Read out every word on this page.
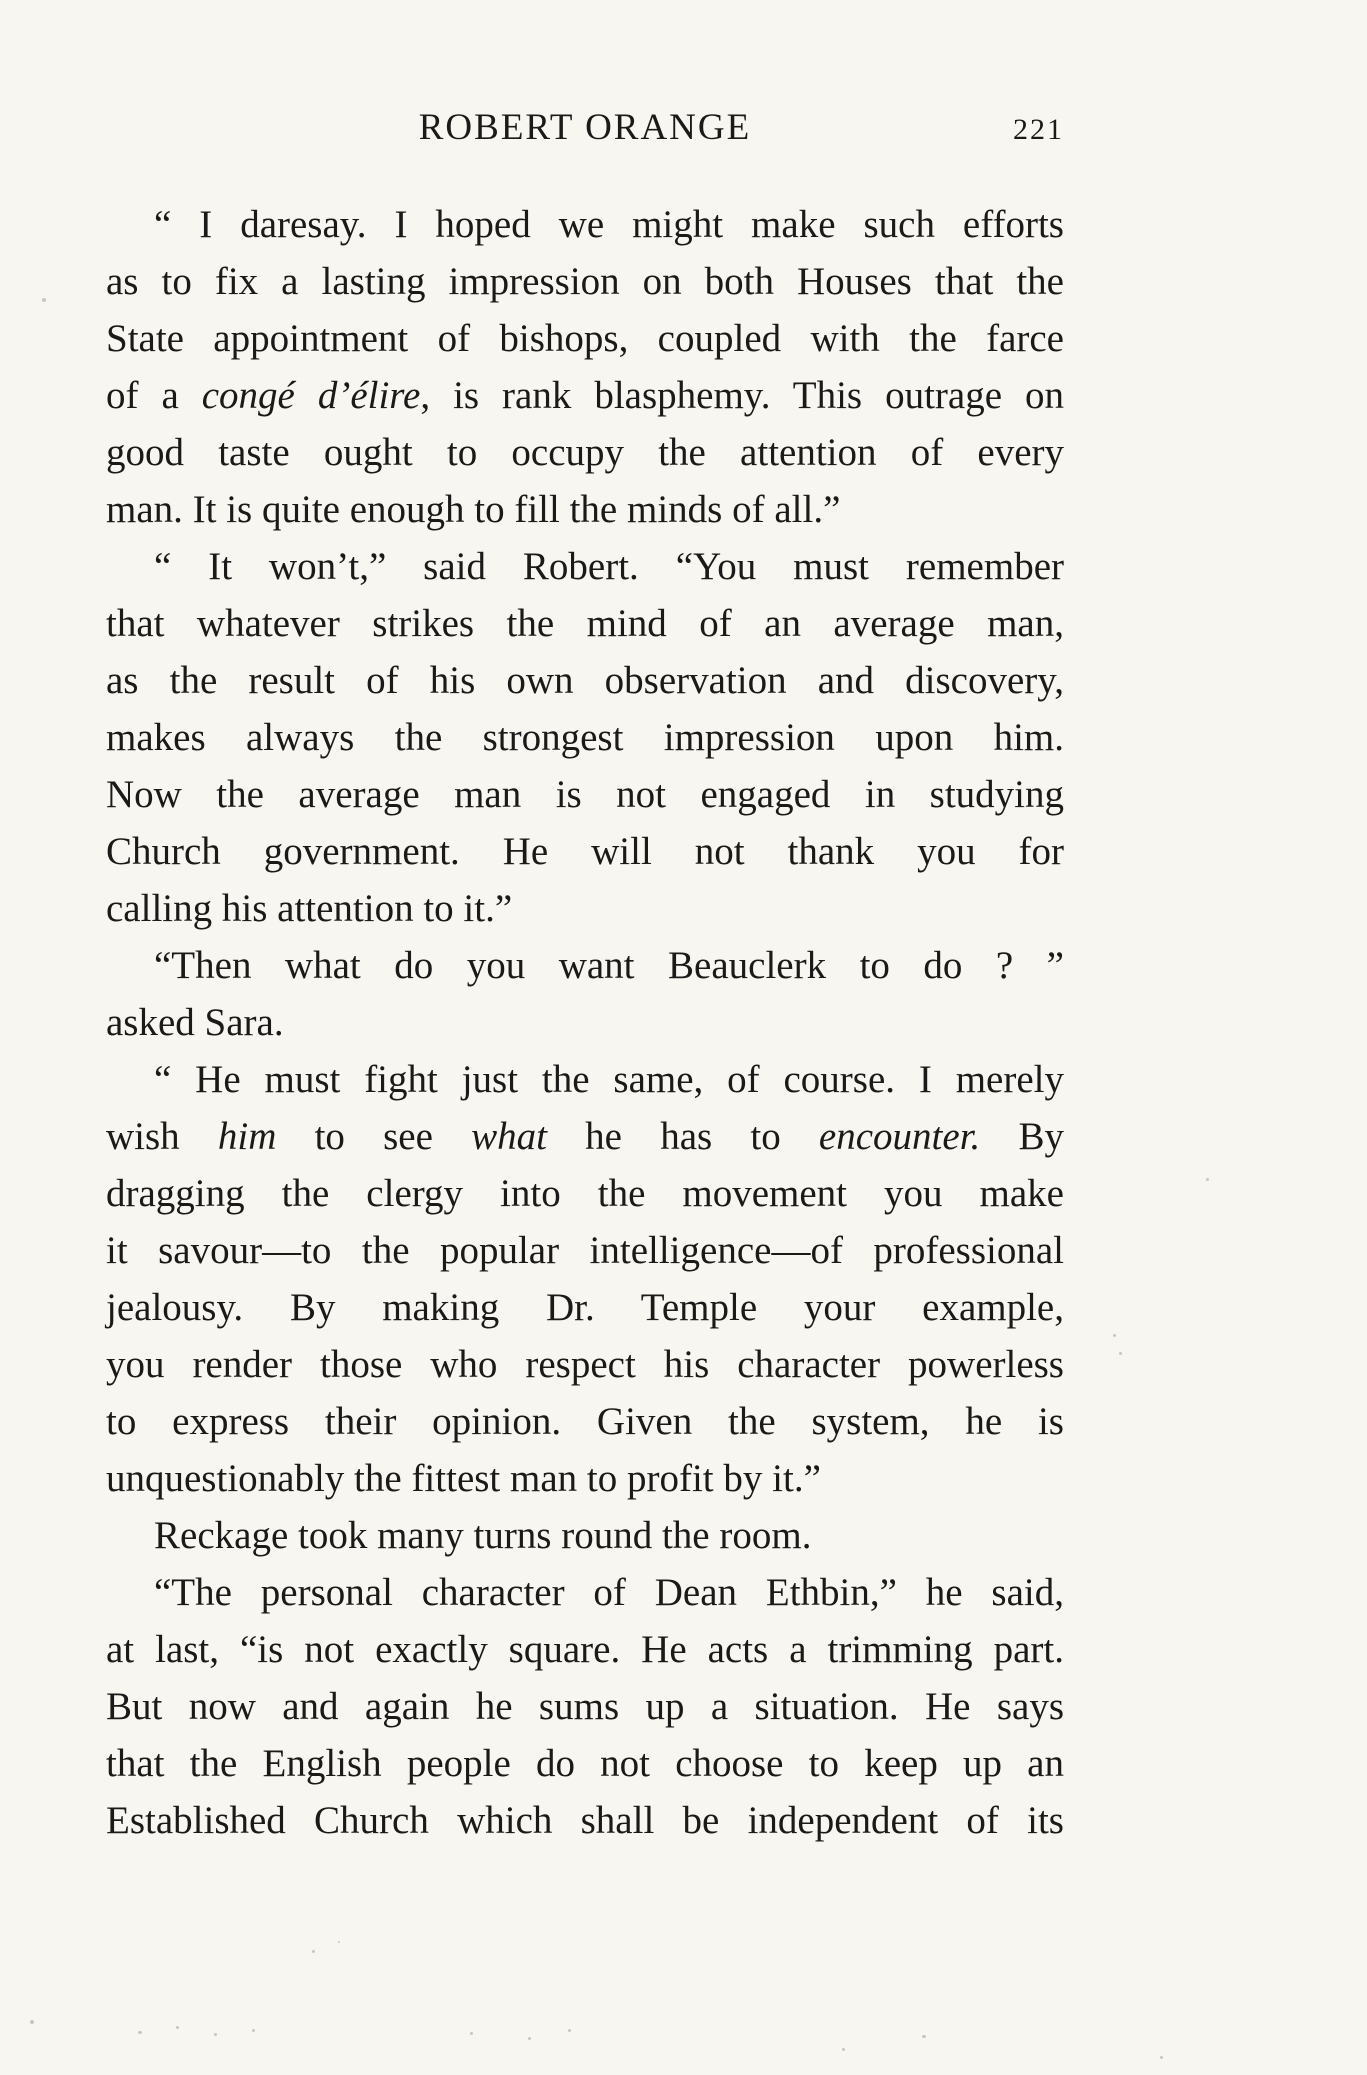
ROBERT ORANGE	221
“ I daresay. I hoped we might make such efforts
as to fix a lasting impression on both Houses that the
State appointment of bishops, coupled with the farce
of a congé d’élire, is rank blasphemy. This outrage on
good taste ought to occupy the attention of every
man. It is quite enough to fill the minds of all.”
“ It won’t,” said Robert. “You must remember
that whatever strikes the mind of an average man,
as the result of his own observation and discovery,
makes always the strongest impression upon him.
Now the average man is not engaged in studying
Church government. He will not thank you for
calling his attention to it.”
“Then what do you want Beauclerk to do ? ”
asked Sara.
“ He must fight just the same, of course. I merely
wish him to see what he has to encounter. By
dragging the clergy into the movement you make
it savour—to the popular intelligence—of professional
jealousy. By making Dr. Temple your example,
you render those who respect his character powerless
to express their opinion. Given the system, he is
unquestionably the fittest man to profit by it.”
Reckage took many turns round the room.
“The personal character of Dean Ethbin,” he said,
at last, “is not exactly square. He acts a trimming part.
But now and again he sums up a situation. He says
that the English people do not choose to keep up an
Established Church which shall be independent of its
